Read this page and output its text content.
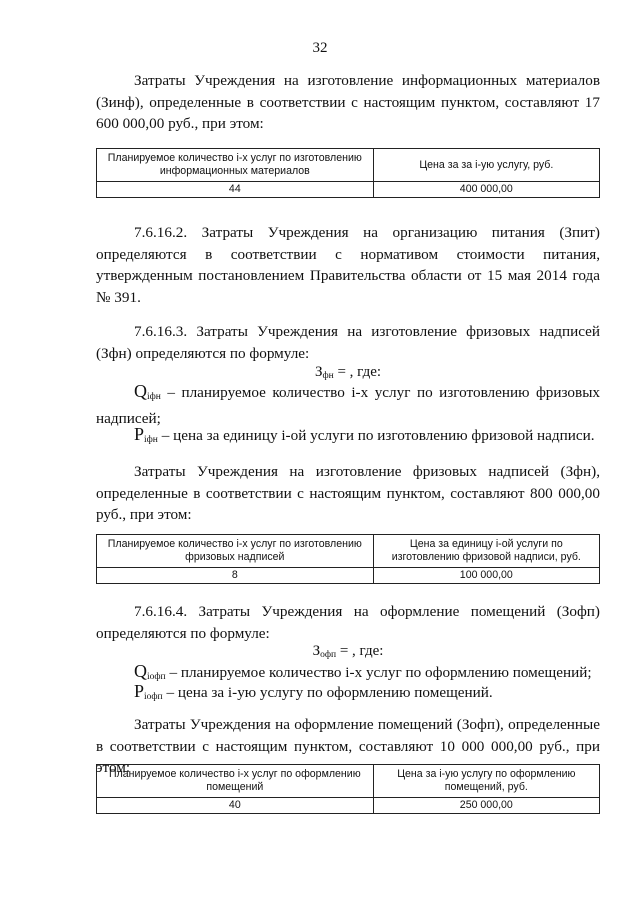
32

Затраты Учреждения на изготовление информационных материалов (Зинф), определенные в соответствии с настоящим пунктом, составляют 17 600 000,00 руб., при этом:

Планируемое количество i-х услуг по изготовлению информационных материалов	Цена за за i-ую услугу, руб.
44	400 000,00

7.6.16.2. Затраты Учреждения на организацию питания (Зпит) определяются в соответствии с нормативом стоимости питания, утвержденным постановлением Правительства области от 15 мая 2014 года № 391.

7.6.16.3. Затраты Учреждения на изготовление фризовых надписей (Зфн) определяются по формуле:

$З_{фн}$ = , где:

$Q_{iфн}$ – планируемое количество i-х услуг по изготовлению фризовых надписей;

$P_{iфн}$ – цена за единицу i-ой услуги по изготовлению фризовой надписи.

Затраты Учреждения на изготовление фризовых надписей (Зфн), определенные в соответствии с настоящим пунктом, составляют 800 000,00 руб., при этом:

Планируемое количество i-х услуг по изготовлению фризовых надписей	Цена за единицу i-ой услуги по изготовлению фризовой надписи, руб.
8	100 000,00

7.6.16.4. Затраты Учреждения на оформление помещений (Зофп) определяются по формуле:

$З_{офп}$ = , где:

$Q_{iофп}$ – планируемое количество i-х услуг по оформлению помещений;

$P_{iофп}$ – цена за i-ую услугу по оформлению помещений.

Затраты Учреждения на оформление помещений (Зофп), определенные в соответствии с настоящим пунктом, составляют 10 000 000,00 руб., при этом:

Планируемое количество i-х услуг по оформлению помещений	Цена за i-ую услугу по оформлению помещений, руб.
40	250 000,00
